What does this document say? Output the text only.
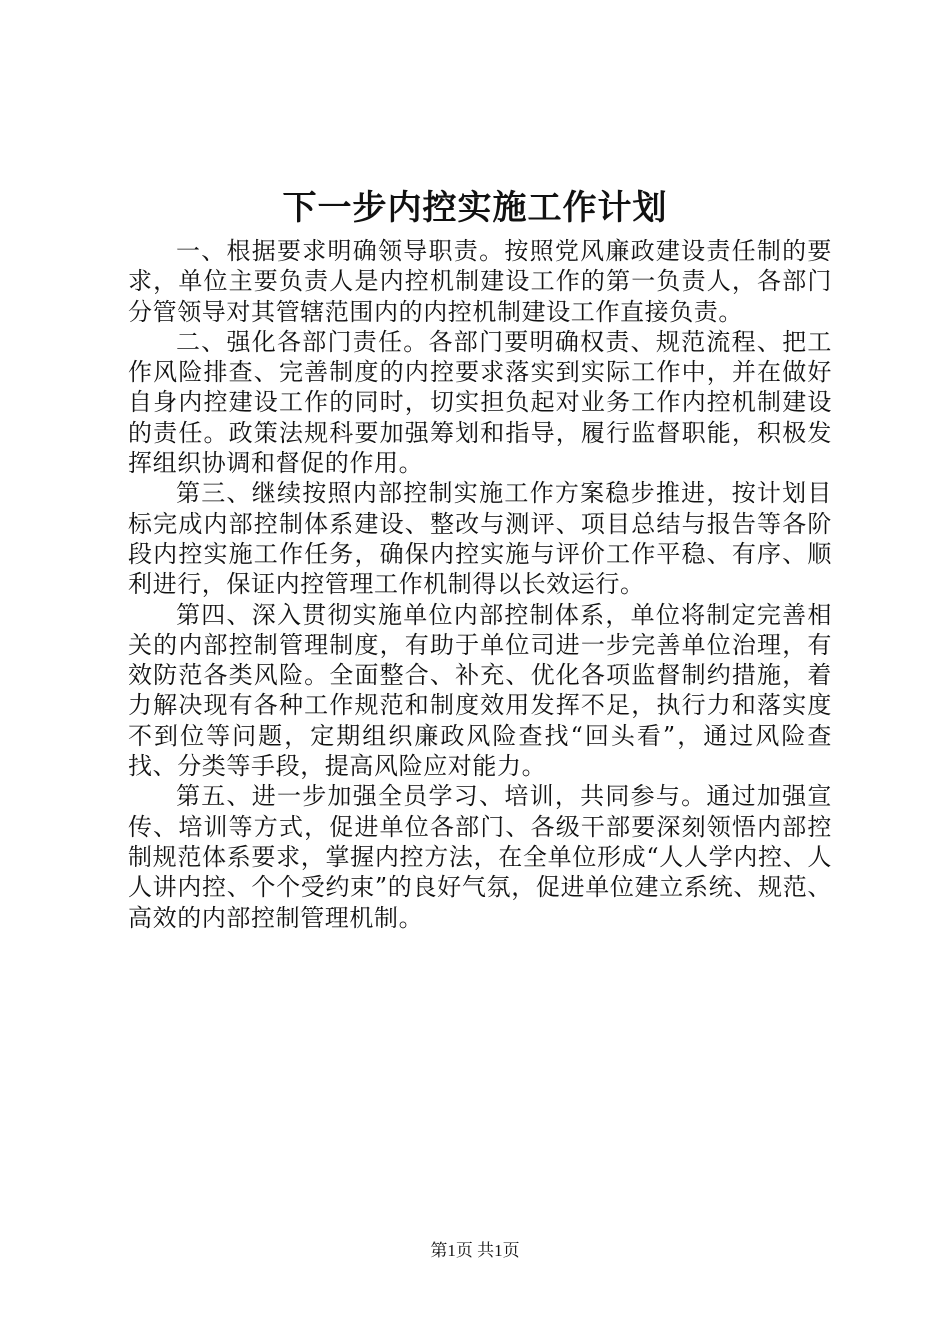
下一步内控实施工作计划

一、根据要求明确领导职责。按照党风廉政建设责任制的要求，单位主要负责人是内控机制建设工作的第一负责人，各部门分管领导对其管辖范围内的内控机制建设工作直接负责。

二、强化各部门责任。各部门要明确权责、规范流程、把工作风险排查、完善制度的内控要求落实到实际工作中，并在做好自身内控建设工作的同时，切实担负起对业务工作内控机制建设的责任。政策法规科要加强筹划和指导，履行监督职能，积极发挥组织协调和督促的作用。

第三、继续按照内部控制实施工作方案稳步推进，按计划目标完成内部控制体系建设、整改与测评、项目总结与报告等各阶段内控实施工作任务，确保内控实施与评价工作平稳、有序、顺利进行，保证内控管理工作机制得以长效运行。

第四、深入贯彻实施单位内部控制体系，单位将制定完善相关的内部控制管理制度，有助于单位司进一步完善单位治理，有效防范各类风险。全面整合、补充、优化各项监督制约措施，着力解决现有各种工作规范和制度效用发挥不足，执行力和落实度不到位等问题，定期组织廉政风险查找“回头看”，通过风险查找、分类等手段，提高风险应对能力。

第五、进一步加强全员学习、培训，共同参与。通过加强宣传、培训等方式，促进单位各部门、各级干部要深刻领悟内部控制规范体系要求，掌握内控方法，在全单位形成“人人学内控、人人讲内控、个个受约束”的良好气氛，促进单位建立系统、规范、高效的内部控制管理机制。

第1页 共1页
